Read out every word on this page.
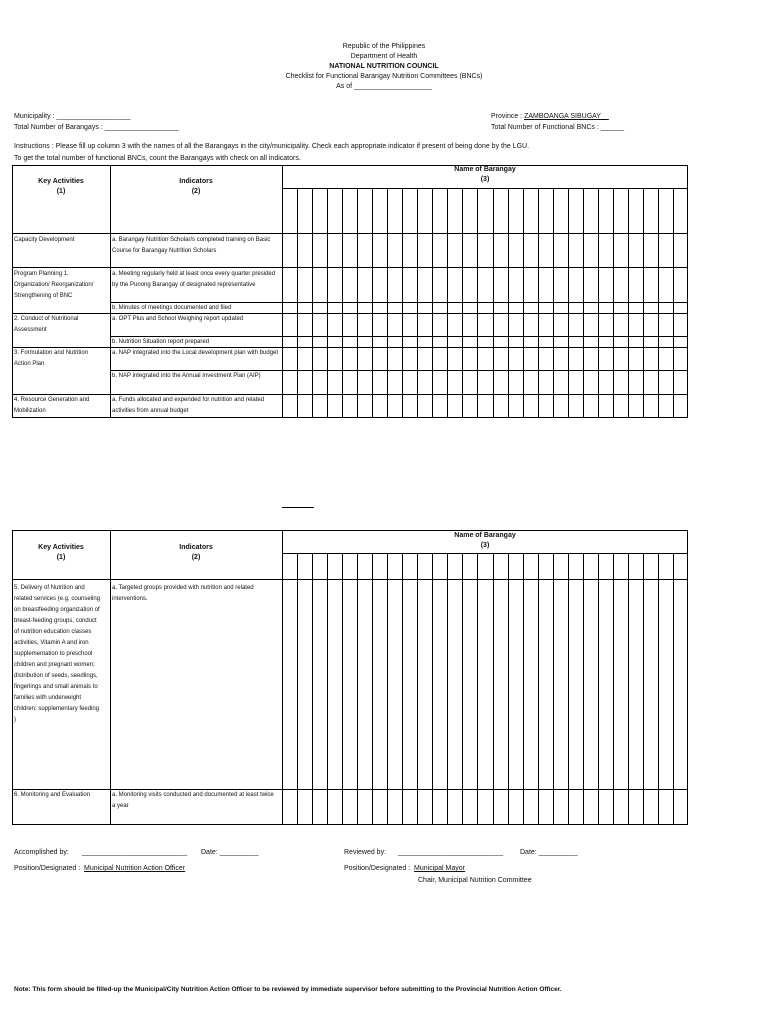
Republic of the Philippines
Department of Health
NATIONAL NUTRITION COUNCIL
Checklist for Functional Barangay Nutrition Committees (BNCs)
As of ____________________
Municipality : ___________________
Total Number of Barangays : ___________________
Province : ZAMBOANGA SIBUGAY__
Total Number of Functional BNCs : ______
Instructions : Please fill up column 3 with the names of all the Barangays in the city/municipality. Check each appropriate indicator if present of being done by the LGU.
To get the total number of functional BNCs, count the Barangays with check on all indicators.
Key Activities
(1)
Indicators
(2)
Name of Barangay
(3)
Capacity Development	a. Barangay Nutrition Scholar/s completed training on Basic Course for Barangay Nutrition Scholars
Program Planning 1. Organization/ Reorganization/ Strengthening of BNC
a. Meeting regularly held at least once every quarter presided by the Punong Barangay of designated representative
b. Minutes of meetings documented and filed
2. Conduct of Nutritional Assessment
a. OPT Plus and School Weighing report updated
b. Nutrition Situation report prepared
3. Formulation and Nutrition Action Plan
a. NAP integrated into the Local development plan with budget
b. NAP integrated into the Annual Investment Plan (AIP)
4. Resource Generation and Mobilization
a. Funds allocated and expended for nutrition and related activities from annual budget
Key Activities
(1)
Indicators
(2)
Name of Barangay
(3)
5. Delivery of Nutrition and related services (e.g. counseling on breastfeeding organization of breast-feeding groups, conduct of nutrition education classes activities, Vitamin A and iron supplementation to preschool children and pregnant women; distribution of seeds, seedlings, fingerlings and small animals to families with underweight children; supplementary feeding )
a. Targeted groups provided with nutrition and related interventions.
6. Monitoring and Evaluation	a. Monitoring visits conducted and documented at least twice a year
Accomplished by: ___________________________ Date: __________
Position/Designated : Municipal Nutrition Action Officer
Reviewed by: ___________________________ Date: __________
Position/Designated : Municipal Mayor
Chair, Municipal Nutrition Committee
Note: This form should be filled-up the Municipal/City Nutrition Action Officer to be reviewed by immediate supervisor before submitting to the Provincial Nutrition Action Officer.
